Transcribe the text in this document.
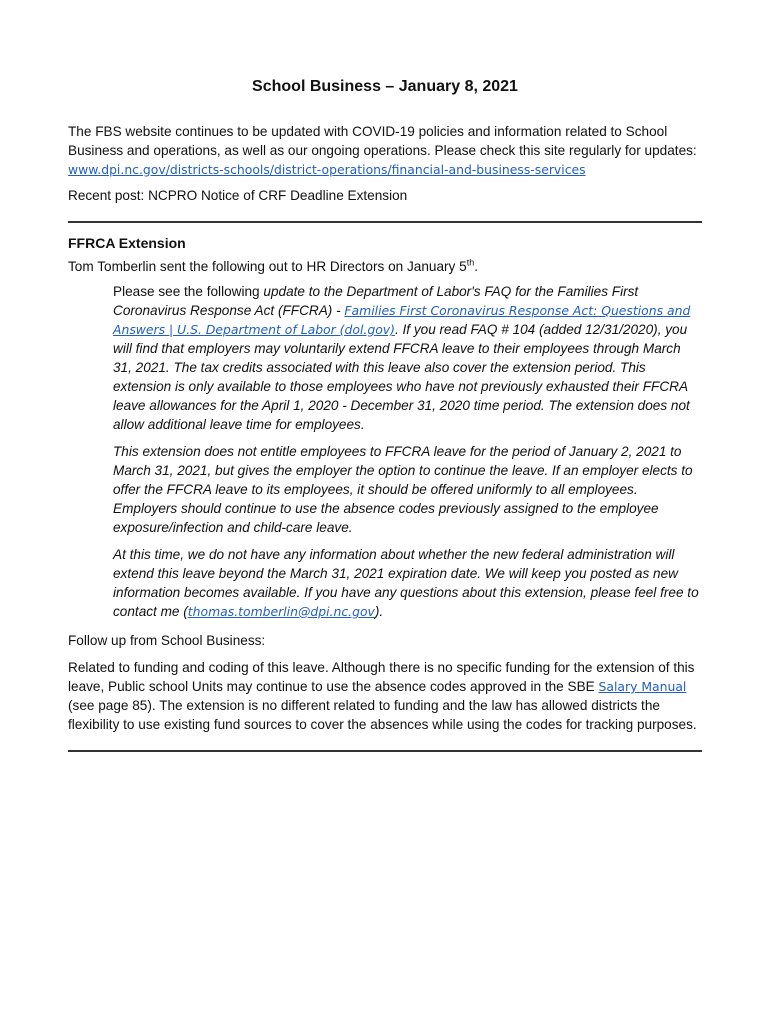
School Business – January 8, 2021

The FBS website continues to be updated with COVID-19 policies and information related to School Business and operations, as well as our ongoing operations. Please check this site regularly for updates: www.dpi.nc.gov/districts-schools/district-operations/financial-and-business-services

Recent post: NCPRO Notice of CRF Deadline Extension

FFRCA Extension

Tom Tomberlin sent the following out to HR Directors on January 5th.

Please see the following update to the Department of Labor's FAQ for the Families First Coronavirus Response Act (FFCRA) - Families First Coronavirus Response Act: Questions and Answers | U.S. Department of Labor (dol.gov). If you read FAQ # 104 (added 12/31/2020), you will find that employers may voluntarily extend FFCRA leave to their employees through March 31, 2021. The tax credits associated with this leave also cover the extension period. This extension is only available to those employees who have not previously exhausted their FFCRA leave allowances for the April 1, 2020 - December 31, 2020 time period. The extension does not allow additional leave time for employees.

This extension does not entitle employees to FFCRA leave for the period of January 2, 2021 to March 31, 2021, but gives the employer the option to continue the leave. If an employer elects to offer the FFCRA leave to its employees, it should be offered uniformly to all employees. Employers should continue to use the absence codes previously assigned to the employee exposure/infection and child-care leave.

At this time, we do not have any information about whether the new federal administration will extend this leave beyond the March 31, 2021 expiration date. We will keep you posted as new information becomes available. If you have any questions about this extension, please feel free to contact me (thomas.tomberlin@dpi.nc.gov).

Follow up from School Business:

Related to funding and coding of this leave. Although there is no specific funding for the extension of this leave, Public school Units may continue to use the absence codes approved in the SBE Salary Manual (see page 85). The extension is no different related to funding and the law has allowed districts the flexibility to use existing fund sources to cover the absences while using the codes for tracking purposes.
